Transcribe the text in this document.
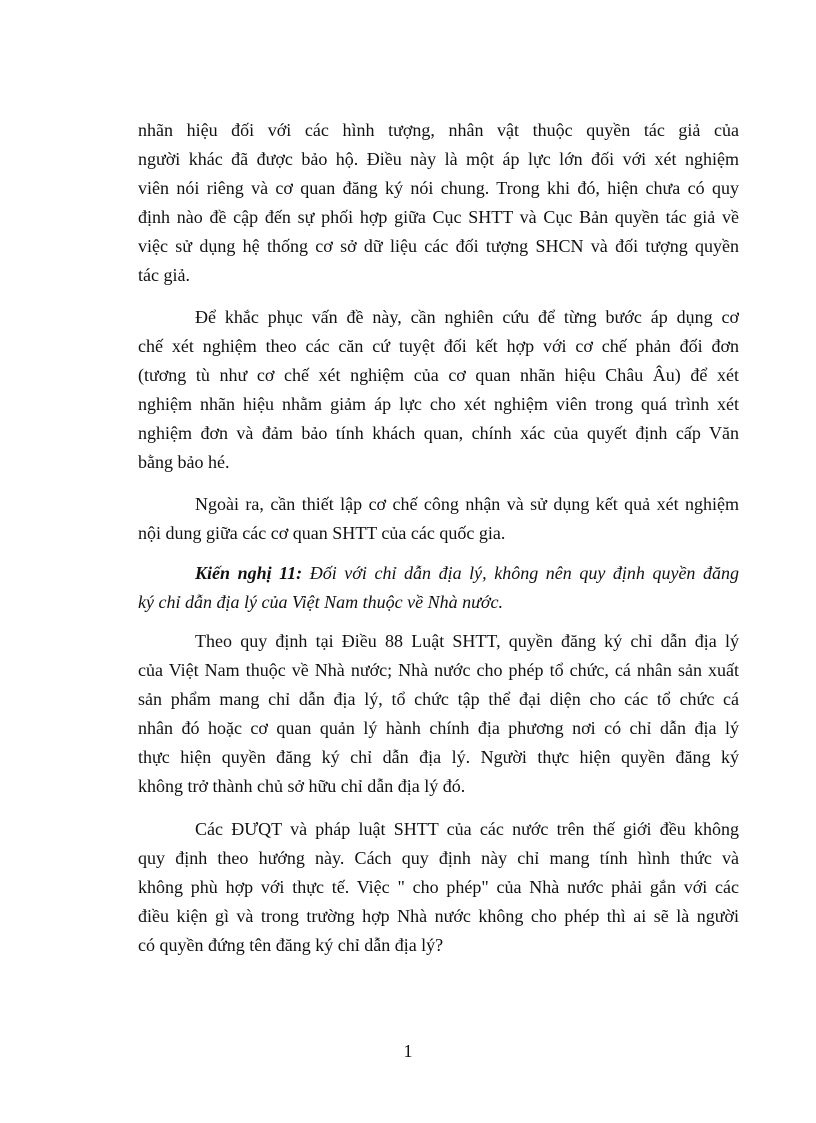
nhãn hiệu đối với các hình tượng, nhân vật thuộc quyền tác giả của
người khác đã được bảo hộ. Điều này là một áp lực lớn đối với xét nghiệm
viên nói riêng và cơ quan đăng ký nói chung. Trong khi đó, hiện chưa có quy
định nào đề cập đến sự phối hợp giữa Cục SHTT và Cục Bản quyền tác giả về
việc sử dụng hệ thống cơ sở dữ liệu các đối tượng SHCN và đối tượng quyền
tác giả.
Để khắc phục vấn đề này, cần nghiên cứu để từng bước áp dụng cơ
chế xét nghiệm theo các căn cứ tuyệt đối kết hợp với cơ chế phản đối đơn
(tương tù như cơ chế xét nghiệm của cơ quan nhãn hiệu Châu Âu) để xét
nghiệm nhãn hiệu nhằm giảm áp lực cho xét nghiệm viên trong quá trình xét
nghiệm đơn và đảm bảo tính khách quan, chính xác của quyết định cấp Văn
bằng bảo hé.
Ngoài ra, cần thiết lập cơ chế công nhận và sử dụng kết quả xét nghiệm
nội dung giữa các cơ quan SHTT của các quốc gia.
Kiến nghị 11: Đối với chỉ dẫn địa lý, không nên quy định quyền đăng
ký chỉ dẫn địa lý của Việt Nam thuộc về Nhà nước.
Theo quy định tại Điều 88 Luật SHTT, quyền đăng ký chỉ dẫn địa lý
của Việt Nam thuộc về Nhà nước; Nhà nước cho phép tổ chức, cá nhân sản xuất
sản phẩm mang chỉ dẫn địa lý, tổ chức tập thể đại diện cho các tổ chức cá
nhân đó hoặc cơ quan quản lý hành chính địa phương nơi có chỉ dẫn địa lý
thực hiện quyền đăng ký chỉ dẫn địa lý. Người thực hiện quyền đăng ký
không trở thành chủ sở hữu chỉ dẫn địa lý đó.
Các ĐƯQT và pháp luật SHTT của các nước trên thế giới đều không
quy định theo hướng này. Cách quy định này chỉ mang tính hình thức và
không phù hợp với thực tế. Việc " cho phép" của Nhà nước phải gắn với các
điều kiện gì và trong trường hợp Nhà nước không cho phép thì ai sẽ là người
có quyền đứng tên đăng ký chỉ dẫn địa lý?
1
